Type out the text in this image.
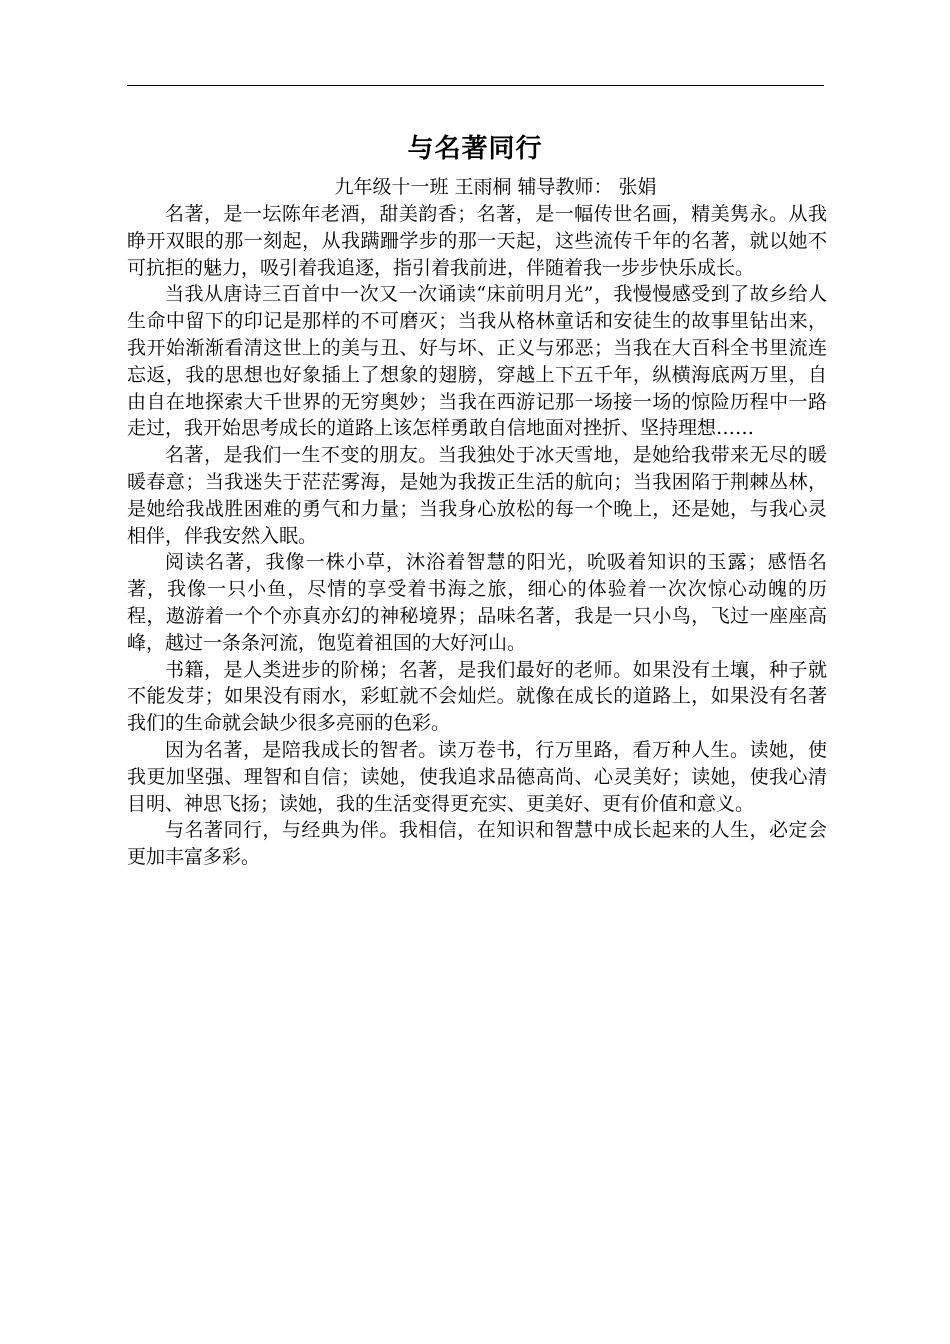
与名著同行
九年级十一班 王雨桐 辅导教师： 张娟

名著，是一坛陈年老酒，甜美韵香；名著，是一幅传世名画，精美隽永。从我睁开双眼的那一刻起，从我蹒跚学步的那一天起，这些流传千年的名著，就以她不可抗拒的魅力，吸引着我追逐，指引着我前进，伴随着我一步步快乐成长。

当我从唐诗三百首中一次又一次诵读“床前明月光”，我慢慢感受到了故乡给人生命中留下的印记是那样的不可磨灭；当我从格林童话和安徒生的故事里钻出来，我开始渐渐看清这世上的美与丑、好与坏、正义与邪恶；当我在大百科全书里流连忘返，我的思想也好象插上了想象的翅膀，穿越上下五千年，纵横海底两万里，自由自在地探索大千世界的无穷奥妙；当我在西游记那一场接一场的惊险历程中一路走过，我开始思考成长的道路上该怎样勇敢自信地面对挫折、坚持理想……

名著，是我们一生不变的朋友。当我独处于冰天雪地，是她给我带来无尽的暖暖春意；当我迷失于茫茫雾海，是她为我拨正生活的航向；当我困陷于荆棘丛林，是她给我战胜困难的勇气和力量；当我身心放松的每一个晚上，还是她，与我心灵相伴，伴我安然入眠。

阅读名著，我像一株小草，沐浴着智慧的阳光，吮吸着知识的玉露；感悟名著，我像一只小鱼，尽情的享受着书海之旅，细心的体验着一次次惊心动魄的历程，遨游着一个个亦真亦幻的神秘境界；品味名著，我是一只小鸟，飞过一座座高峰，越过一条条河流，饱览着祖国的大好河山。

书籍，是人类进步的阶梯；名著，是我们最好的老师。如果没有土壤，种子就不能发芽；如果没有雨水，彩虹就不会灿烂。就像在成长的道路上，如果没有名著我们的生命就会缺少很多亮丽的色彩。

因为名著，是陪我成长的智者。读万卷书，行万里路，看万种人生。读她，使我更加坚强、理智和自信；读她，使我追求品德高尚、心灵美好；读她，使我心清目明、神思飞扬；读她，我的生活变得更充实、更美好、更有价值和意义。

与名著同行，与经典为伴。我相信，在知识和智慧中成长起来的人生，必定会更加丰富多彩。
